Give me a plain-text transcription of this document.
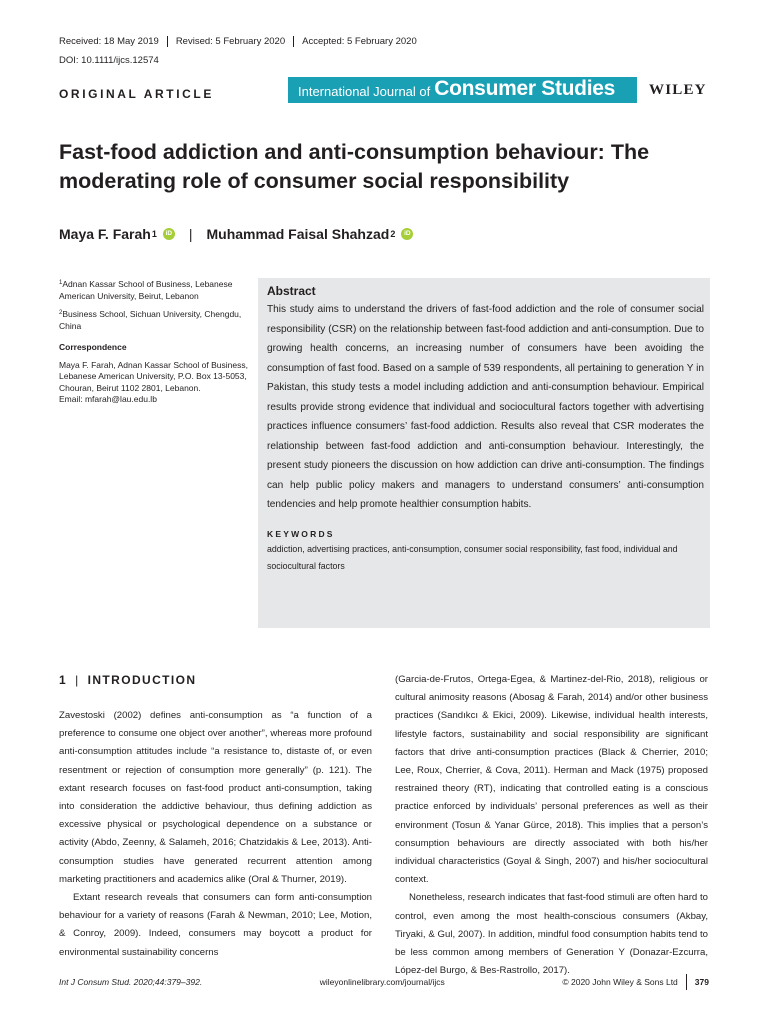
Received: 18 May 2019	Revised: 5 February 2020	Accepted: 5 February 2020
DOI: 10.1111/ijcs.12574
ORIGINAL ARTICLE	International Journal of Consumer Studies WILEY
Fast-food addiction and anti-consumption behaviour: The moderating role of consumer social responsibility
Maya F. Farah 1	iD | Muhammad Faisal Shahzad 2	iD

$^1$Adnan Kassar School of Business, Lebanese American University, Beirut, Lebanon

$^2$Business School, Sichuan University, Chengdu, China

Correspondence

Maya F. Farah, Adnan Kassar School of Business, Lebanese American University, P.O. Box 13-5053, Chouran, Beirut 1102 2801, Lebanon.

Email: mfarah@lau.edu.lb

Abstract

This study aims to understand the drivers of fast-food addiction and the role of consumer social responsibility (CSR) on the relationship between fast-food addiction and anti-consumption. Due to growing health concerns, an increasing number of consumers have been avoiding the consumption of fast food. Based on a sample of 539 respondents, all pertaining to generation Y in Pakistan, this study tests a model including addiction and anti-consumption behaviour. Empirical results provide strong evidence that individual and sociocultural factors together with advertising practices influence consumers’ fast-food addiction. Results also reveal that CSR moderates the relationship between fast-food addiction and anti-consumption behaviour. Interestingly, the present study pioneers the discussion on how addiction can drive anti-consumption. The findings can help public policy makers and managers to understand consumers’ anti-consumption tendencies and help promote healthier consumption habits.

KEYWORDS

addiction, advertising practices, anti-consumption, consumer social responsibility, fast food, individual and sociocultural factors

1 | INTRODUCTION

Zavestoski (2002) defines anti-consumption as “a function of a preference to consume one object over another”, whereas more profound anti-consumption attitudes include “a resistance to, distaste of, or even resentment or rejection of consumption more generally” (p. 121). The extant research focuses on fast-food product anti-consumption, taking into consideration the addictive behaviour, thus defining addiction as excessive physical or psychological dependence on a substance or activity (Abdo, Zeenny, & Salameh, 2016; Chatzidakis & Lee, 2013). Anti-consumption studies have generated recurrent attention among marketing practitioners and academics alike (Oral & Thurner, 2019).

Extant research reveals that consumers can form anti-consumption behaviour for a variety of reasons (Farah & Newman, 2010; Lee, Motion, & Conroy, 2009). Indeed, consumers may boycott a product for environmental sustainability concerns

(Garcia-de-Frutos, Ortega-Egea, & Martinez-del-Rio, 2018), religious or cultural animosity reasons (Abosag & Farah, 2014) and/or other business practices (Sandıkcı & Ekici, 2009). Likewise, individual health interests, lifestyle factors, sustainability and social responsibility are significant factors that drive anti-consumption practices (Black & Cherrier, 2010; Lee, Roux, Cherrier, & Cova, 2011). Herman and Mack (1975) proposed restrained theory (RT), indicating that controlled eating is a conscious practice enforced by individuals’ personal preferences as well as their environment (Tosun & Yanar Gürce, 2018). This implies that a person’s consumption behaviours are directly associated with both his/her individual characteristics (Goyal & Singh, 2007) and his/her sociocultural context.

Nonetheless, research indicates that fast-food stimuli are often hard to control, even among the most health-conscious consumers (Akbay, Tiryaki, & Gul, 2007). In addition, mindful food consumption habits tend to be less common among members of Generation Y (Donazar-Ezcurra, López-del Burgo, & Bes-Rastrollo, 2017).

Int J Consum Stud. 2020;44:379–392.	wileyonlinelibrary.com/journal/ijcs	© 2020 John Wiley & Sons Ltd 379
